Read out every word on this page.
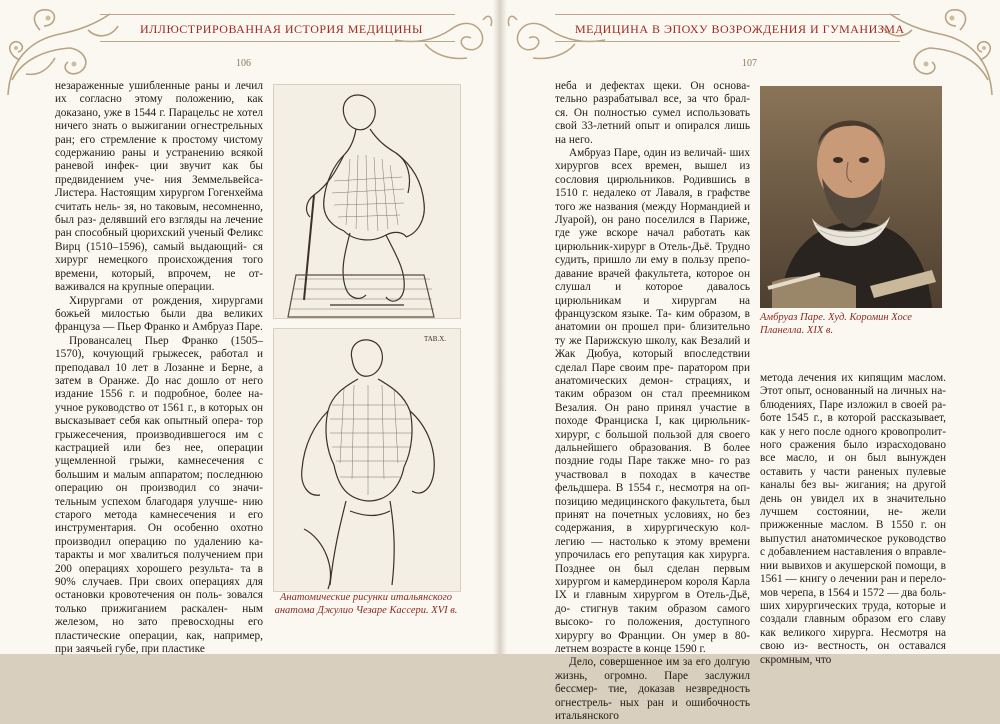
ИЛЛЮСТРИРОВАННАЯ ИСТОРИЯ МЕДИЦИНЫ
106

незараженные ушибленные раны и лечил их согласно этому положению, как доказано, уже в 1544 г. Парацельс не хотел ничего знать о выжигании огнестрельных ран; его стремление к простому чистому содержанию раны и устранению всякой раневой инфек- ции звучит как бы предвидением уче- ния Земмельвейса-Листера. Настоящим хирургом Гогенхейма считать нель- зя, но таковым, несомненно, был раз- делявший его взгляды на лечение ран способный цюрихский ученый Феликс Вирц (1510–1596), самый выдающий- ся хирург немецкого происхождения того времени, который, впрочем, не от- важивался на крупные операции.

Хирургами от рождения, хирургами божьей милостью были два великих француза — Пьер Франко и Амбруаз Паре.

Провансалец Пьер Франко (1505– 1570), кочующий грыжесек, работал и преподавал 10 лет в Лозанне и Берне, а затем в Оранже. До нас дошло от него издание 1556 г. и подробное, более на- учное руководство от 1561 г., в которых он высказывает себя как опытный опера- тор грыжесечения, производившегося им с кастрацией или без нее, операции ущемленной грыжи, камнесечения с большим и малым аппаратом; последнюю операцию он производил со значи- тельным успехом благодаря улучше- нию старого метода камнесечения и его инструментария. Он особенно охотно производил операцию по удалению ка- таракты и мог хвалиться получением при 200 операциях хорошего результа- та в 90% случаев. При своих операциях для остановки кровотечения он поль- зовался только прижиганием раскален- ным железом, но зато превосходны его пластические операции, как, например, при заячьей губе, при пластике

TAB.X.
Анатомические рисунки итальянского анатома Джулио Чезаре Кассери. XVI в.
МЕДИЦИНА В ЭПОХУ ВОЗРОЖДЕНИЯ И ГУМАНИЗМА
107

неба и дефектах щеки. Он основа- тельно разрабатывал все, за что брал- ся. Он полностью сумел использовать свой 33-летний опыт и опирался лишь на него.

Амбруаз Паре, один из величай- ших хирургов всех времен, вышел из сословия цирюльников. Родившись в 1510 г. недалеко от Лаваля, в графстве того же названия (между Нормандией и Луарой), он рано поселился в Париже, где уже вскоре начал работать как цирюльник-хирург в Отель-Дьё. Трудно судить, пришло ли ему в пользу препо- давание врачей факультета, которое он слушал и которое давалось цирюльникам и хирургам на французском языке. Та- ким образом, в анатомии он прошел при- близительно ту же Парижскую школу, как Везалий и Жак Дюбуа, который впоследствии сделал Паре своим пре- паратором при анатомических демон- страциях, и таким образом он стал преемником Везалия. Он рано принял участие в походе Франциска I, как цирюльник-хирург, с большой пользой для своего дальнейшего образования. В более поздние годы Паре также мно- го раз участвовал в походах в качестве фельдшера. В 1554 г., несмотря на оп- позицию медицинского факультета, был принят на почетных условиях, но без содержания, в хирургическую кол- легию — настолько к этому времени упрочилась его репутация как хирурга. Позднее он был сделан первым хирургом и камердинером короля Карла IX и главным хирургом в Отель-Дьё, до- стигнув таким образом самого высоко- го положения, доступного хирургу во Франции. Он умер в 80-летнем возрасте в конце 1590 г.

Дело, совершенное им за его долгую жизнь, огромно. Паре заслужил бессмер- тие, доказав незвредность огнестрель- ных ран и ошибочность итальянского

Амбруаз Паре. Худ. Коромин Хосе Планелла. XIX в.

метода лечения их кипящим маслом. Этот опыт, основанный на личных на- блюдениях, Паре изложил в своей ра- боте 1545 г., в которой рассказывает, как у него после одного кровопролит- ного сражения было израсходовано все масло, и он был вынужден оставить у части раненых пулевые каналы без вы- жигания; на другой день он увидел их в значительно лучшем состоянии, не- жели прижженные маслом. В 1550 г. он выпустил анатомическое руководство с добавлением наставления о вправле- нии вывихов и акушерской помощи, в 1561 — книгу о лечении ран и перело- мов черепа, в 1564 и 1572 — два боль- ших хирургических труда, которые и создали главным образом его славу как великого хирурга. Несмотря на свою из- вестность, он оставался скромным, что
